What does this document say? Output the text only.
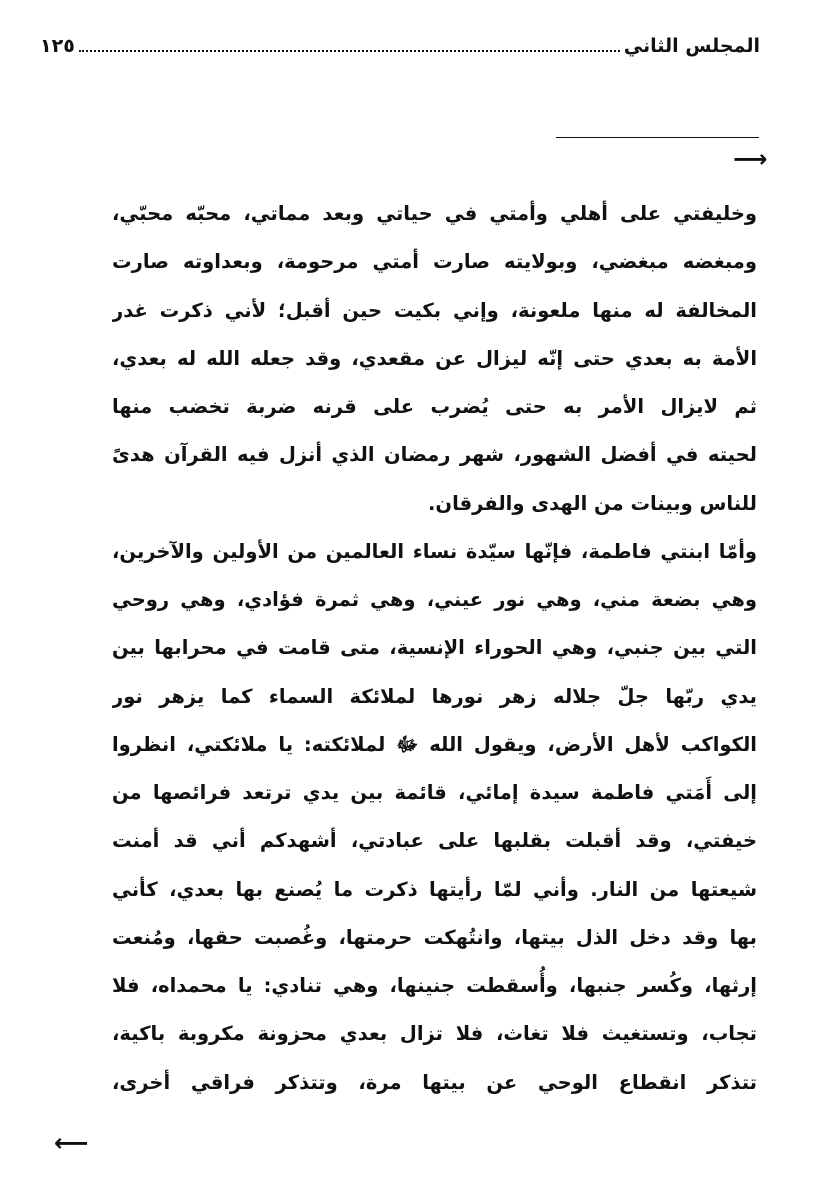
المجلس الثاني
١٢٥
⟶
وخليفتي على أهلي وأمتي في حياتي وبعد مماتي، محبّه محبّي،
ومبغضه مبغضي، وبولايته صارت أمتي مرحومة، وبعداوته صارت
المخالفة له منها ملعونة، وإني بكيت حين أقبل؛ لأني ذكرت غدر
الأمة به بعدي حتى إنّه ليزال عن مقعدي، وقد جعله الله له بعدي،
ثم لايزال الأمر به حتى يُضرب على قرنه ضربة تخضب منها
لحيته في أفضل الشهور، شهر رمضان الذي أنزل فيه القرآن هدىً
للناس وبينات من الهدى والفرقان.
وأمّا ابنتي فاطمة، فإنّها سيّدة نساء العالمين من الأولين والآخرين،
وهي بضعة مني، وهي نور عيني، وهي ثمرة فؤادي، وهي روحي
التي بين جنبي، وهي الحوراء الإنسية، متى قامت في محرابها بين
يدي ربّها جلّ جلاله زهر نورها لملائكة السماء كما يزهر نور
الكواكب لأهل الأرض، ويقول الله ﷻ لملائكته: يا ملائكتي، انظروا
إلى أَمَتي فاطمة سيدة إمائي، قائمة بين يدي ترتعد فرائصها من
خيفتي، وقد أقبلت بقلبها على عبادتي، أشهدكم أني قد أمنت
شيعتها من النار. وأني لمّا رأيتها ذكرت ما يُصنع بها بعدي، كأني
بها وقد دخل الذل بيتها، وانتُهكت حرمتها، وغُصبت حقها، ومُنعت
إرثها، وكُسر جنبها، وأُسقطت جنينها، وهي تنادي: يا محمداه، فلا
تجاب، وتستغيث فلا تغاث، فلا تزال بعدي محزونة مكروبة باكية،
تتذكر انقطاع الوحي عن بيتها مرة، وتتذكر فراقي أخرى،
⟵
